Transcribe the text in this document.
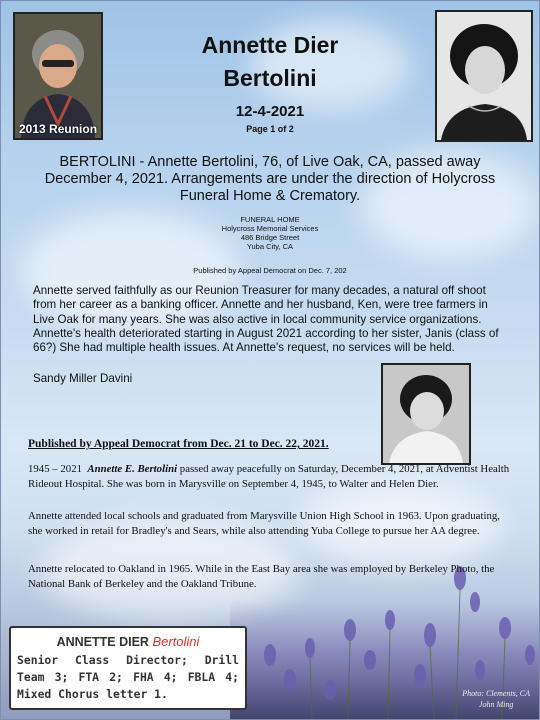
2013 Reunion
Annette Dier
Bertolini
12-4-2021
Page 1 of 2
BERTOLINI - Annette Bertolini, 76, of Live Oak, CA, passed away December 4, 2021. Arrangements are under the direction of Holycross Funeral Home & Crematory.
FUNERAL HOME
Holycross Memorial Services
486 Bridge Street
Yuba City, CA
Published by Appeal Democrat on Dec. 7, 202
Annette served faithfully as our Reunion Treasurer for many decades, a natural off shoot from her career as a banking officer. Annette and her husband, Ken, were tree farmers in Live Oak for many years. She was also active in local community service organizations. Annette's health deteriorated starting in August 2021 according to her sister, Janis (class of 66?) She had multiple health issues. At Annette's request, no services will be held.
Sandy Miller Davini
Published by Appeal Democrat from Dec. 21 to Dec. 22, 2021.
1945 – 2021 Annette E. Bertolini passed away peacefully on Saturday, December 4, 2021, at Adventist Health Rideout Hospital. She was born in Marysville on September 4, 1945, to Walter and Helen Dier.
Annette attended local schools and graduated from Marysville Union High School in 1963. Upon graduating, she worked in retail for Bradley's and Sears, while also attending Yuba College to pursue her AA degree.
Annette relocated to Oakland in 1965. While in the East Bay area she was employed by Berkeley Photo, the National Bank of Berkeley and the Oakland Tribune.
ANNETTE DIER Bertolini
Senior Class Director; Drill Team 3; FTA 2; FHA 4; FBLA 4; Mixed Chorus letter 1.	Photo: Clements, CA
John Ming
